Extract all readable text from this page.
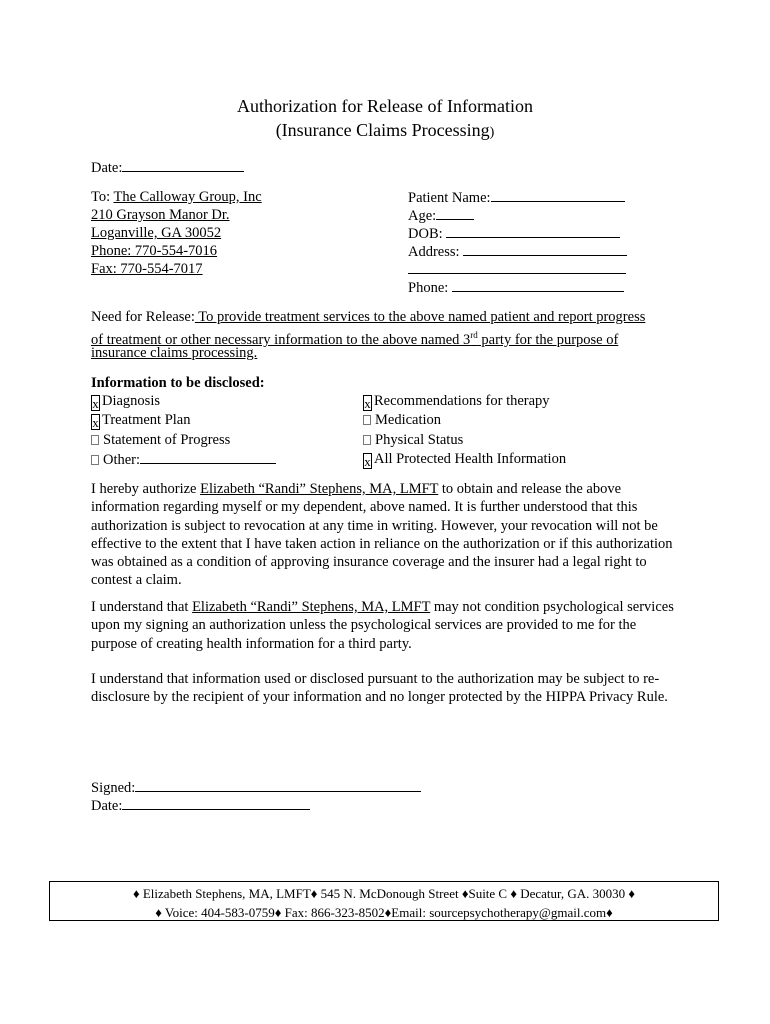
Authorization for Release of Information
(Insurance Claims Processing)
Date:
To: The Calloway Group, Inc
210 Grayson Manor Dr.
Loganville, GA 30052
Phone: 770-554-7016
Fax: 770-554-7017
Patient Name:
Age:
DOB:
Address:
Phone:
Need for Release: To provide treatment services to the above named patient and report progress
of treatment or other necessary information to the above named 3rd party for the purpose of
insurance claims processing.
Information to be disclosed:
x Diagnosis
x Treatment Plan
Statement of Progress
Other:
x Recommendations for therapy
Medication
Physical Status
x All Protected Health Information
I hereby authorize Elizabeth “Randi” Stephens, MA, LMFT to obtain and release the above information regarding myself or my dependent, above named. It is further understood that this authorization is subject to revocation at any time in writing. However, your revocation will not be effective to the extent that I have taken action in reliance on the authorization or if this authorization was obtained as a condition of approving insurance coverage and the insurer had a legal right to contest a claim.
I understand that Elizabeth “Randi” Stephens, MA, LMFT may not condition psychological services upon my signing an authorization unless the psychological services are provided to me for the purpose of creating health information for a third party.
I understand that information used or disclosed pursuant to the authorization may be subject to re-disclosure by the recipient of your information and no longer protected by the HIPPA Privacy Rule.
Signed:
Date:
♦ Elizabeth Stephens, MA, LMFT♦ 545 N. McDonough Street ♦Suite C ♦ Decatur, GA. 30030 ♦
♦ Voice: 404-583-0759♦ Fax: 866-323-8502♦Email: sourcepsychotherapy@gmail.com♦
